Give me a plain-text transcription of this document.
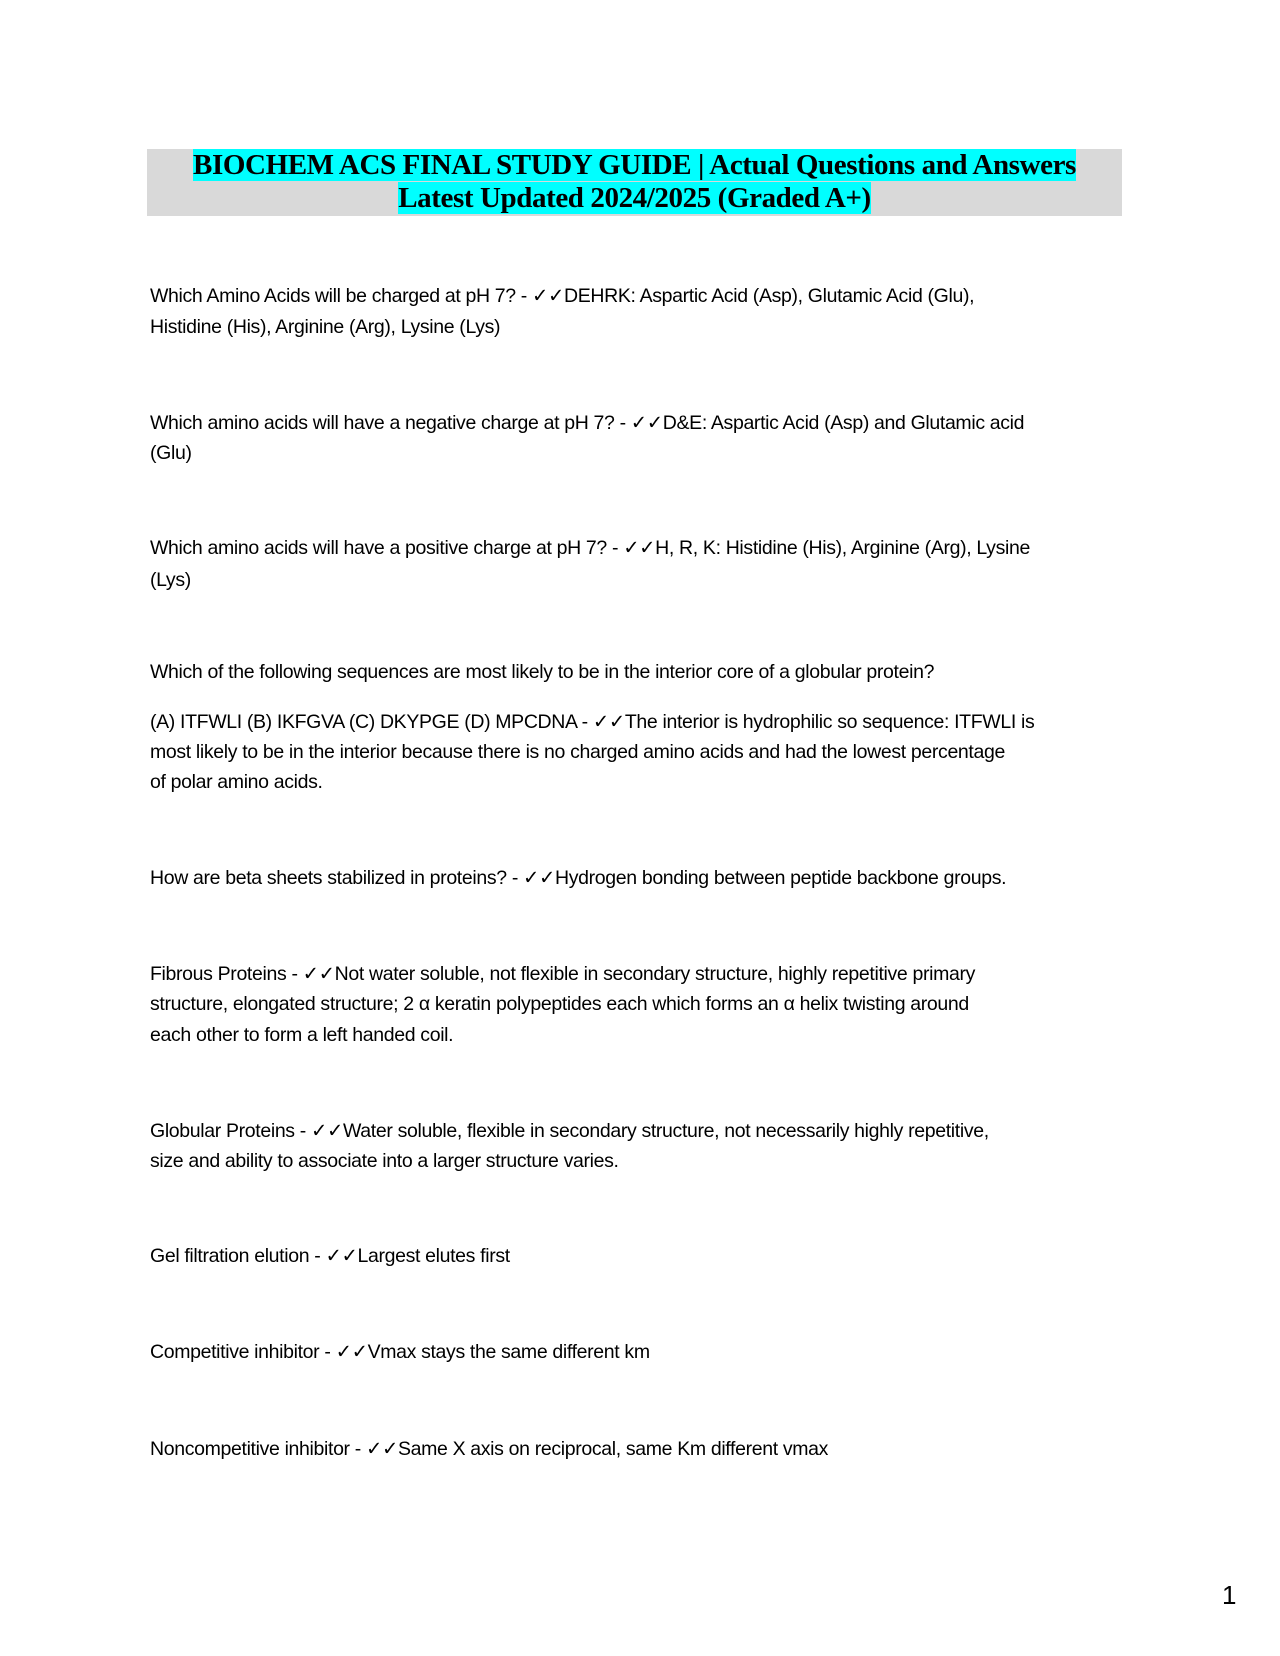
BIOCHEM ACS FINAL STUDY GUIDE | Actual Questions and Answers
Latest Updated 2024/2025 (Graded A+)
Which Amino Acids will be charged at pH 7? - ✓✓DEHRK: Aspartic Acid (Asp), Glutamic Acid (Glu),
Histidine (His), Arginine (Arg), Lysine (Lys)
Which amino acids will have a negative charge at pH 7? - ✓✓D&E: Aspartic Acid (Asp) and Glutamic acid
(Glu)
Which amino acids will have a positive charge at pH 7? - ✓✓H, R, K: Histidine (His), Arginine (Arg), Lysine
(Lys)
Which of the following sequences are most likely to be in the interior core of a globular protein?
(A) ITFWLI (B) IKFGVA (C) DKYPGE (D) MPCDNA - ✓✓The interior is hydrophilic so sequence: ITFWLI is
most likely to be in the interior because there is no charged amino acids and had the lowest percentage
of polar amino acids.
How are beta sheets stabilized in proteins? - ✓✓Hydrogen bonding between peptide backbone groups.
Fibrous Proteins - ✓✓Not water soluble, not flexible in secondary structure, highly repetitive primary
structure, elongated structure; 2 α keratin polypeptides each which forms an α helix twisting around
each other to form a left handed coil.
Globular Proteins - ✓✓Water soluble, flexible in secondary structure, not necessarily highly repetitive,
size and ability to associate into a larger structure varies.
Gel filtration elution - ✓✓Largest elutes first
Competitive inhibitor - ✓✓Vmax stays the same different km
Noncompetitive inhibitor - ✓✓Same X axis on reciprocal, same Km different vmax
1
